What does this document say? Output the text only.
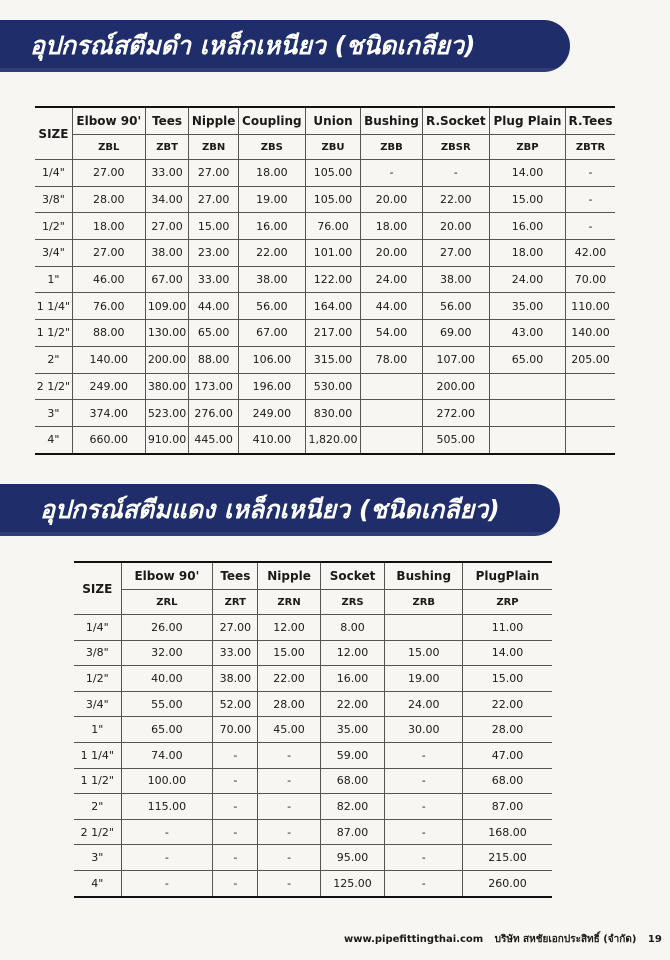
อุปกรณ์สตีมดำ เหล็กเหนียว (ชนิดเกลียว)
SIZE	Elbow 90'	Tees	Nipple	Coupling	Union	Bushing	R.Socket	Plug Plain	R.Tees
	ZBL	ZBT	ZBN	ZBS	ZBU	ZBB	ZBSR	ZBP	ZBTR
1/4"	27.00	33.00	27.00	18.00	105.00	-	-	14.00	-
3/8"	28.00	34.00	27.00	19.00	105.00	20.00	22.00	15.00	-
1/2"	18.00	27.00	15.00	16.00	76.00	18.00	20.00	16.00	-
3/4"	27.00	38.00	23.00	22.00	101.00	20.00	27.00	18.00	42.00
1"	46.00	67.00	33.00	38.00	122.00	24.00	38.00	24.00	70.00
1 1/4"	76.00	109.00	44.00	56.00	164.00	44.00	56.00	35.00	110.00
1 1/2"	88.00	130.00	65.00	67.00	217.00	54.00	69.00	43.00	140.00
2"	140.00	200.00	88.00	106.00	315.00	78.00	107.00	65.00	205.00
2 1/2"	249.00	380.00	173.00	196.00	530.00		200.00		
3"	374.00	523.00	276.00	249.00	830.00		272.00		
4"	660.00	910.00	445.00	410.00	1,820.00		505.00		
อุปกรณ์สตีมแดง เหล็กเหนียว (ชนิดเกลียว)
SIZE	Elbow 90'	Tees	Nipple	Socket	Bushing	PlugPlain
	ZRL	ZRT	ZRN	ZRS	ZRB	ZRP
1/4"	26.00	27.00	12.00	8.00		11.00
3/8"	32.00	33.00	15.00	12.00	15.00	14.00
1/2"	40.00	38.00	22.00	16.00	19.00	15.00
3/4"	55.00	52.00	28.00	22.00	24.00	22.00
1"	65.00	70.00	45.00	35.00	30.00	28.00
1 1/4"	74.00	-	-	59.00	-	47.00
1 1/2"	100.00	-	-	68.00	-	68.00
2"	115.00	-	-	82.00	-	87.00
2 1/2"	-	-	-	87.00	-	168.00
3"	-	-	-	95.00	-	215.00
4"	-	-	-	125.00	-	260.00
www.pipefittingthai.com บริษัท สหชัยเอกประสิทธิ์ (จำกัด) 19
